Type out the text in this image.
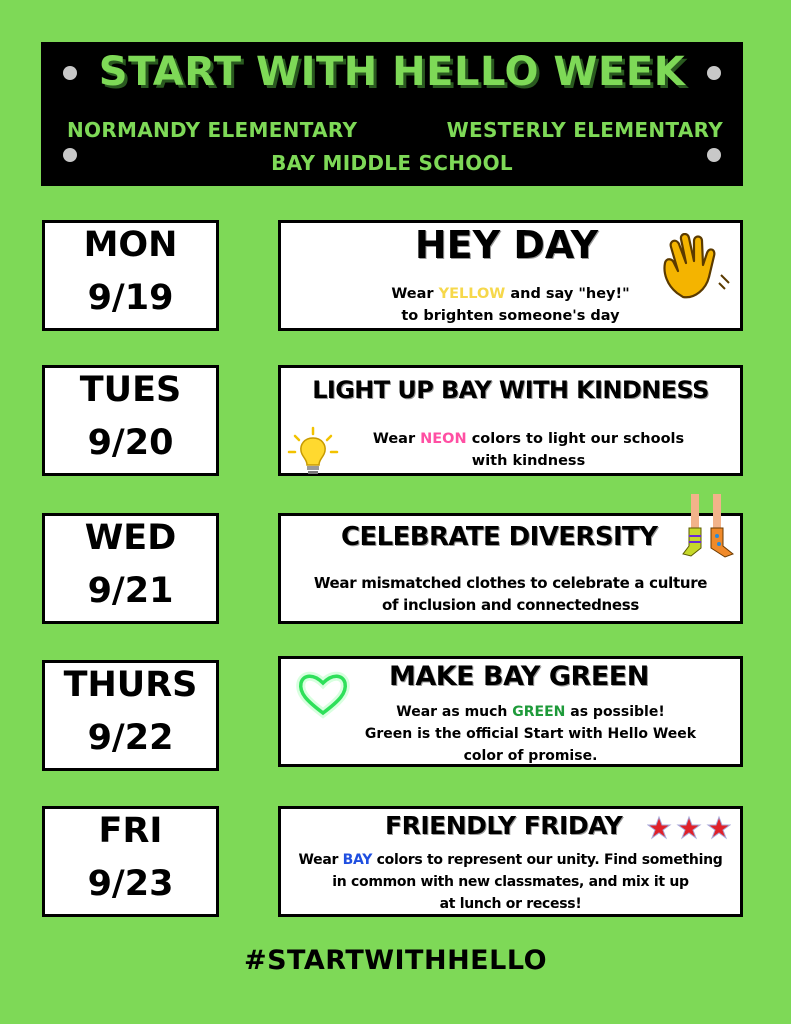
START WITH HELLO WEEK
NORMANDY ELEMENTARY	WESTERLY ELEMENTARY
BAY MIDDLE SCHOOL
MON
9/19
HEY DAY
Wear YELLOW and say "hey!"
to brighten someone's day
TUES
9/20
LIGHT UP BAY WITH KINDNESS
Wear NEON colors to light our schools
with kindness
WED
9/21
CELEBRATE DIVERSITY
Wear mismatched clothes to celebrate a culture
of inclusion and connectedness
THURS
9/22
MAKE BAY GREEN
Wear as much GREEN as possible!
Green is the official Start with Hello Week
color of promise.
FRI
9/23
FRIENDLY FRIDAY
Wear BAY colors to represent our unity. Find something
in common with new classmates, and mix it up
at lunch or recess!
#STARTWITHHELLO
